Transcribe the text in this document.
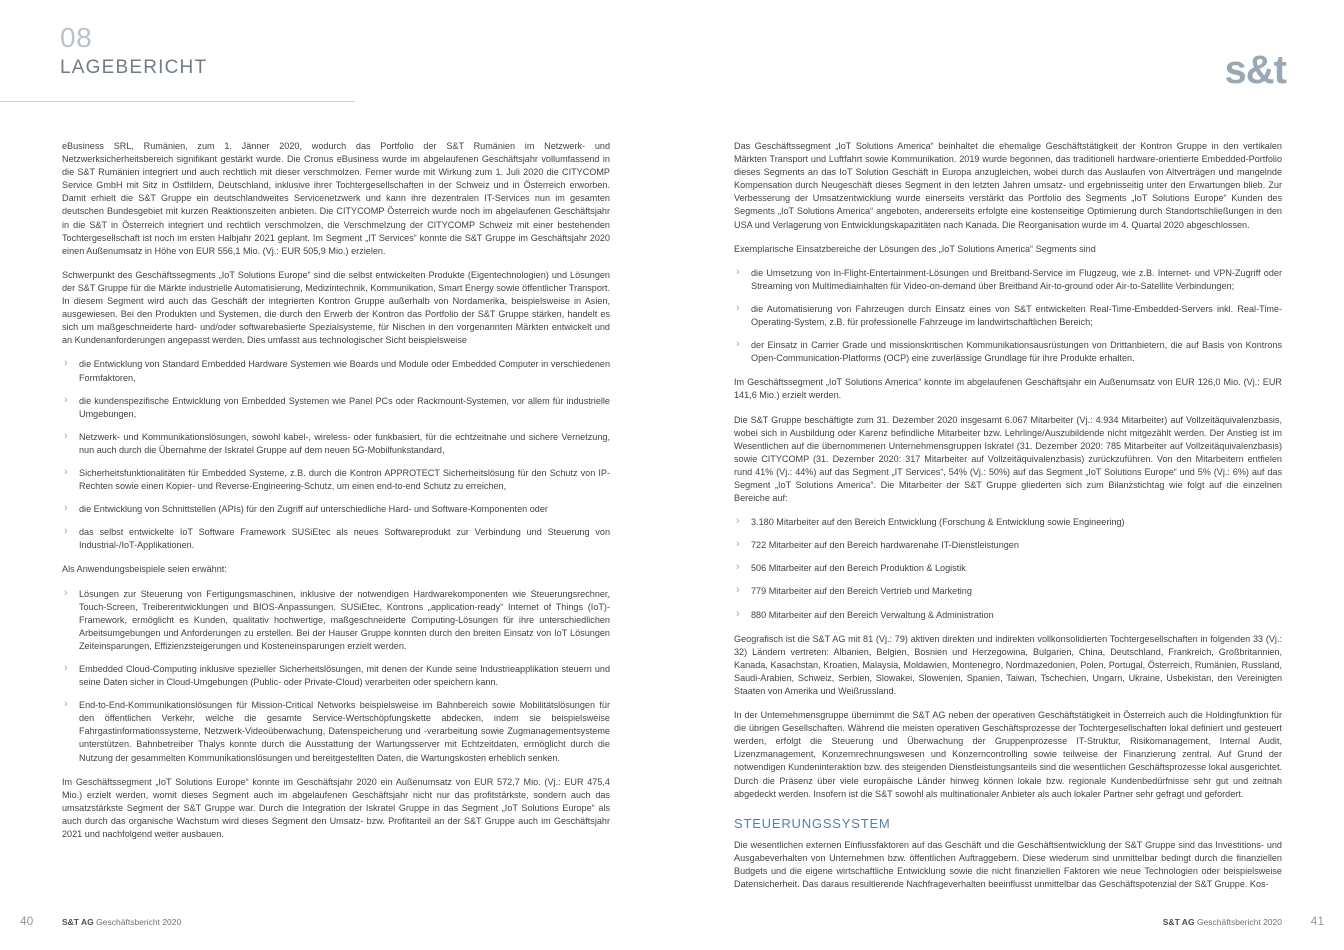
08
LAGEBERICHT	s&t

eBusiness SRL, Rumänien, zum 1. Jänner 2020, wodurch das Portfolio der S&T Rumänien im Netzwerk- und Netzwerksicherheitsbereich signifikant gestärkt wurde. Die Cronus eBusiness wurde im abgelaufenen Geschäftsjahr vollumfassend in die S&T Rumänien integriert und auch rechtlich mit dieser verschmolzen. Ferner wurde mit Wirkung zum 1. Juli 2020 die CITYCOMP Service GmbH mit Sitz in Ostfildern, Deutschland, inklusive ihrer Tochtergesellschaften in der Schweiz und in Österreich erworben. Damit erhielt die S&T Gruppe ein deutschlandweites Servicenetzwerk und kann ihre dezentralen IT-Services nun im gesamten deutschen Bundesgebiet mit kurzen Reaktionszeiten anbieten. Die CITYCOMP Österreich wurde noch im abgelaufenen Geschäftsjahr in die S&T in Österreich integriert und rechtlich verschmolzen, die Verschmelzung der CITYCOMP Schweiz mit einer bestehenden Tochtergesellschaft ist noch im ersten Halbjahr 2021 geplant. Im Segment „IT Services“ konnte die S&T Gruppe im Geschäftsjahr 2020 einen Außenumsatz in Höhe von EUR 556,1 Mio. (Vj.: EUR 505,9 Mio.) erzielen.

Schwerpunkt des Geschäftssegments „IoT Solutions Europe“ sind die selbst entwickelten Produkte (Eigentechnologien) und Lösungen der S&T Gruppe für die Märkte industrielle Automatisierung, Medizintechnik, Kommunikation, Smart Energy sowie öffentlicher Transport. In diesem Segment wird auch das Geschäft der integrierten Kontron Gruppe außerhalb von Nordamerika, beispielsweise in Asien, ausgewiesen. Bei den Produkten und Systemen, die durch den Erwerb der Kontron das Portfolio der S&T Gruppe stärken, handelt es sich um maßgeschneiderte hard- und/oder softwarebasierte Spezialsysteme, für Nischen in den vorgenannten Märkten entwickelt und an Kundenanforderungen angepasst werden. Dies umfasst aus technologischer Sicht beispielsweise

› die Entwicklung von Standard Embedded Hardware Systemen wie Boards und Module oder Embedded Computer in verschiedenen Formfaktoren,
› die kundenspezifische Entwicklung von Embedded Systemen wie Panel PCs oder Rackmount-Systemen, vor allem für industrielle Umgebungen,
› Netzwerk- und Kommunikationslösungen, sowohl kabel-, wireless- oder funkbasiert, für die echtzeitnahe und sichere Vernetzung, nun auch durch die Übernahme der Iskratel Gruppe auf dem neuen 5G-Mobilfunkstandard,
› Sicherheitsfunktionalitäten für Embedded Systeme, z.B. durch die Kontron APPROTECT Sicherheitslösung für den Schutz von IP-Rechten sowie einen Kopier- und Reverse-Engineering-Schutz, um einen end-to-end Schutz zu erreichen,
› die Entwicklung von Schnittstellen (APIs) für den Zugriff auf unterschiedliche Hard- und Software-Komponenten oder
› das selbst entwickelte IoT Software Framework SUSiEtec als neues Softwareprodukt zur Verbindung und Steuerung von Industrial-/IoT-Applikationen.

Als Anwendungsbeispiele seien erwähnt:

› Lösungen zur Steuerung von Fertigungsmaschinen, inklusive der notwendigen Hardwarekomponenten wie Steuerungsrechner, Touch-Screen, Treiberentwicklungen und BIOS-Anpassungen. SUSiEtec, Kontrons „application-ready“ Internet of Things (IoT)-Framework, ermöglicht es Kunden, qualitativ hochwertige, maßgeschneiderte Computing-Lösungen für ihre unterschiedlichen Arbeitsumgebungen und Anforderungen zu erstellen. Bei der Hauser Gruppe konnten durch den breiten Einsatz von IoT Lösungen Zeiteinsparungen, Effizienzsteigerungen und Kosteneinsparungen erzielt werden.
› Embedded Cloud-Computing inklusive spezieller Sicherheitslösungen, mit denen der Kunde seine Industrieapplikation steuern und seine Daten sicher in Cloud-Umgebungen (Public- oder Private-Cloud) verarbeiten oder speichern kann.
› End-to-End-Kommunikationslösungen für Mission-Critical Networks beispielsweise im Bahnbereich sowie Mobilitätslösungen für den öffentlichen Verkehr, welche die gesamte Service-Wertschöpfungskette abdecken, indem sie beispielsweise Fahrgastinformationssysteme, Netzwerk-Videoüberwachung, Datenspeicherung und -verarbeitung sowie Zugmanagementsysteme unterstützen. Bahnbetreiber Thalys konnte durch die Ausstattung der Wartungsserver mit Echtzeitdaten, ermöglicht durch die Nutzung der gesammelten Kommunikationslösungen und bereitgestellten Daten, die Wartungskosten erheblich senken.

Im Geschäftssegment „IoT Solutions Europe“ konnte im Geschäftsjahr 2020 ein Außenumsatz von EUR 572,7 Mio. (Vj.: EUR 475,4 Mio.) erzielt werden, womit dieses Segment auch im abgelaufenen Geschäftsjahr nicht nur das profitstärkste, sondern auch das umsatzstärkste Segment der S&T Gruppe war. Durch die Integration der Iskratel Gruppe in das Segment „IoT Solutions Europe“ als auch durch das organische Wachstum wird dieses Segment den Umsatz- bzw. Profitanteil an der S&T Gruppe auch im Geschäftsjahr 2021 und nachfolgend weiter ausbauen.

Das Geschäftssegment „IoT Solutions America“ beinhaltet die ehemalige Geschäftstätigkeit der Kontron Gruppe in den vertikalen Märkten Transport und Luftfahrt sowie Kommunikation. 2019 wurde begonnen, das traditionell hardware-orientierte Embedded-Portfolio dieses Segments an das IoT Solution Geschäft in Europa anzugleichen, wobei durch das Auslaufen von Altverträgen und mangelnde Kompensation durch Neugeschäft dieses Segment in den letzten Jahren umsatz- und ergebnisseitig unter den Erwartungen blieb. Zur Verbesserung der Umsatzentwicklung wurde einerseits verstärkt das Portfolio des Segments „IoT Solutions Europe“ Kunden des Segments „IoT Solutions America“ angeboten, andererseits erfolgte eine kostenseitige Optimierung durch Standortschließungen in den USA und Verlagerung von Entwicklungskapazitäten nach Kanada. Die Reorganisation wurde im 4. Quartal 2020 abgeschlossen.

Exemplarische Einsatzbereiche der Lösungen des „IoT Solutions America“ Segments sind

› die Umsetzung von In-Flight-Entertainment-Lösungen und Breitband-Service im Flugzeug, wie z.B. Internet- und VPN-Zugriff oder Streaming von Multimediainhalten für Video-on-demand über Breitband Air-to-ground oder Air-to-Satellite Verbindungen;
› die Automatisierung von Fahrzeugen durch Einsatz eines von S&T entwickelten Real-Time-Embedded-Servers inkl. Real-Time-Operating-System, z.B. für professionelle Fahrzeuge im landwirtschaftlichen Bereich;
› der Einsatz in Carrier Grade und missionskritischen Kommunikationsausrüstungen von Drittanbietern, die auf Basis von Kontrons Open-Communication-Platforms (OCP) eine zuverlässige Grundlage für ihre Produkte erhalten.

Im Geschäftssegment „IoT Solutions America“ konnte im abgelaufenen Geschäftsjahr ein Außenumsatz von EUR 126,0 Mio. (Vj.: EUR 141,6 Mio.) erzielt werden.

Die S&T Gruppe beschäftigte zum 31. Dezember 2020 insgesamt 6.067 Mitarbeiter (Vj.: 4.934 Mitarbeiter) auf Vollzeitäquivalenzbasis, wobei sich in Ausbildung oder Karenz befindliche Mitarbeiter bzw. Lehrlinge/Auszubildende nicht mitgezählt werden. Der Anstieg ist im Wesentlichen auf die übernommenen Unternehmensgruppen Iskratel (31. Dezember 2020: 785 Mitarbeiter auf Vollzeitäquivalenzbasis) sowie CITYCOMP (31. Dezember 2020: 317 Mitarbeiter auf Vollzeitäquivalenzbasis) zurückzuführen. Von den Mitarbeitern entfielen rund 41% (Vj.: 44%) auf das Segment „IT Services“, 54% (Vj.: 50%) auf das Segment „IoT Solutions Europe“ und 5% (Vj.: 6%) auf das Segment „IoT Solutions America“. Die Mitarbeiter der S&T Gruppe gliederten sich zum Bilanzstichtag wie folgt auf die einzelnen Bereiche auf:

› 3.180 Mitarbeiter auf den Bereich Entwicklung (Forschung & Entwicklung sowie Engineering)
› 722 Mitarbeiter auf den Bereich hardwarenahe IT-Dienstleistungen
› 506 Mitarbeiter auf den Bereich Produktion & Logistik
› 779 Mitarbeiter auf den Bereich Vertrieb und Marketing
› 880 Mitarbeiter auf den Bereich Verwaltung & Administration

Geografisch ist die S&T AG mit 81 (Vj.: 79) aktiven direkten und indirekten vollkonsolidierten Tochtergesellschaften in folgenden 33 (Vj.: 32) Ländern vertreten: Albanien, Belgien, Bosnien und Herzegowina, Bulgarien, China, Deutschland, Frankreich, Großbritannien, Kanada, Kasachstan, Kroatien, Malaysia, Moldawien, Montenegro, Nordmazedonien, Polen, Portugal, Österreich, Rumänien, Russland, Saudi-Arabien, Schweiz, Serbien, Slowakei, Slowenien, Spanien, Taiwan, Tschechien, Ungarn, Ukraine, Usbekistan, den Vereinigten Staaten von Amerika und Weißrussland.

In der Unternehmensgruppe übernimmt die S&T AG neben der operativen Geschäftstätigkeit in Österreich auch die Holdingfunktion für die übrigen Gesellschaften. Während die meisten operativen Geschäftsprozesse der Tochtergesellschaften lokal definiert und gesteuert werden, erfolgt die Steuerung und Überwachung der Gruppenprozesse IT-Struktur, Risikomanagement, Internal Audit, Lizenzmanagement, Konzernrechnungswesen und Konzerncontrolling sowie teilweise der Finanzierung zentral. Auf Grund der notwendigen Kundeninteraktion bzw. des steigenden Dienstleistungsanteils sind die wesentlichen Geschäftsprozesse lokal ausgerichtet. Durch die Präsenz über viele europäische Länder hinweg können lokale bzw. regionale Kundenbedürfnisse sehr gut und zeitnah abgedeckt werden. Insofern ist die S&T sowohl als multinationaler Anbieter als auch lokaler Partner sehr gefragt und gefordert.

STEUERUNGSSYSTEM

Die wesentlichen externen Einflussfaktoren auf das Geschäft und die Geschäftsentwicklung der S&T Gruppe sind das Investitions- und Ausgabeverhalten von Unternehmen bzw. öffentlichen Auftraggebern. Diese wiederum sind unmittelbar bedingt durch die finanziellen Budgets und die eigene wirtschaftliche Entwicklung sowie die nicht finanziellen Faktoren wie neue Technologien oder beispielsweise Datensicherheit. Das daraus resultierende Nachfrageverhalten beeinflusst unmittelbar das Geschäftspotenzial der S&T Gruppe. Kos-

40	S&T AG Geschäftsbericht 2020	S&T AG Geschäftsbericht 2020 41
